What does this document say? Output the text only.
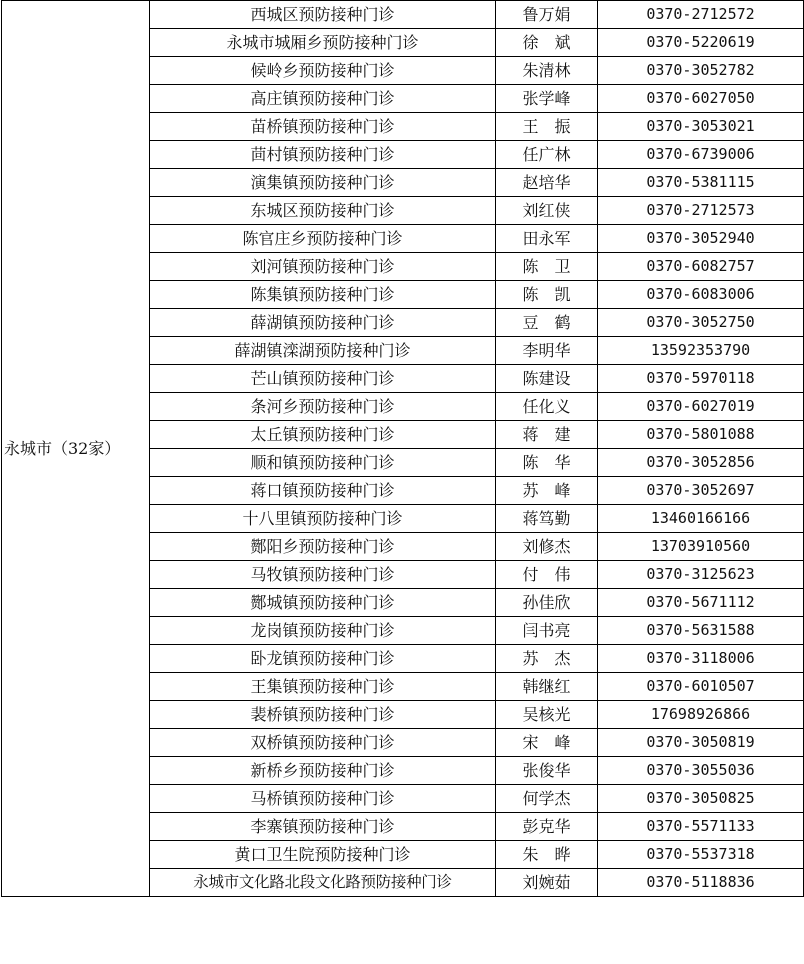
永城市（32家）	西城区预防接种门诊	鲁万娟	0370-2712572
	永城市城厢乡预防接种门诊	徐　斌	0370-5220619
	候岭乡预防接种门诊	朱清林	0370-3052782
	高庄镇预防接种门诊	张学峰	0370-6027050
	苗桥镇预防接种门诊	王　振	0370-3053021
	茴村镇预防接种门诊	任广林	0370-6739006
	演集镇预防接种门诊	赵培华	0370-5381115
	东城区预防接种门诊	刘红侠	0370-2712573
	陈官庄乡预防接种门诊	田永军	0370-3052940
	刘河镇预防接种门诊	陈　卫	0370-6082757
	陈集镇预防接种门诊	陈　凯	0370-6083006
	薛湖镇预防接种门诊	豆　鹤	0370-3052750
	薛湖镇滦湖预防接种门诊	李明华	13592353790
	芒山镇预防接种门诊	陈建设	0370-5970118
	条河乡预防接种门诊	任化义	0370-6027019
	太丘镇预防接种门诊	蒋　建	0370-5801088
	顺和镇预防接种门诊	陈　华	0370-3052856
	蒋口镇预防接种门诊	苏　峰	0370-3052697
	十八里镇预防接种门诊	蒋笃勤	13460166166
	酂阳乡预防接种门诊	刘修杰	13703910560
	马牧镇预防接种门诊	付　伟	0370-3125623
	酂城镇预防接种门诊	孙佳欣	0370-5671112
	龙岗镇预防接种门诊	闫书亮	0370-5631588
	卧龙镇预防接种门诊	苏　杰	0370-3118006
	王集镇预防接种门诊	韩继红	0370-6010507
	裴桥镇预防接种门诊	吴核光	17698926866
	双桥镇预防接种门诊	宋　峰	0370-3050819
	新桥乡预防接种门诊	张俊华	0370-3055036
	马桥镇预防接种门诊	何学杰	0370-3050825
	李寨镇预防接种门诊	彭克华	0370-5571133
	黄口卫生院预防接种门诊	朱　晔	0370-5537318
	永城市文化路北段文化路预防接种门诊	刘婉茹	0370-5118836
